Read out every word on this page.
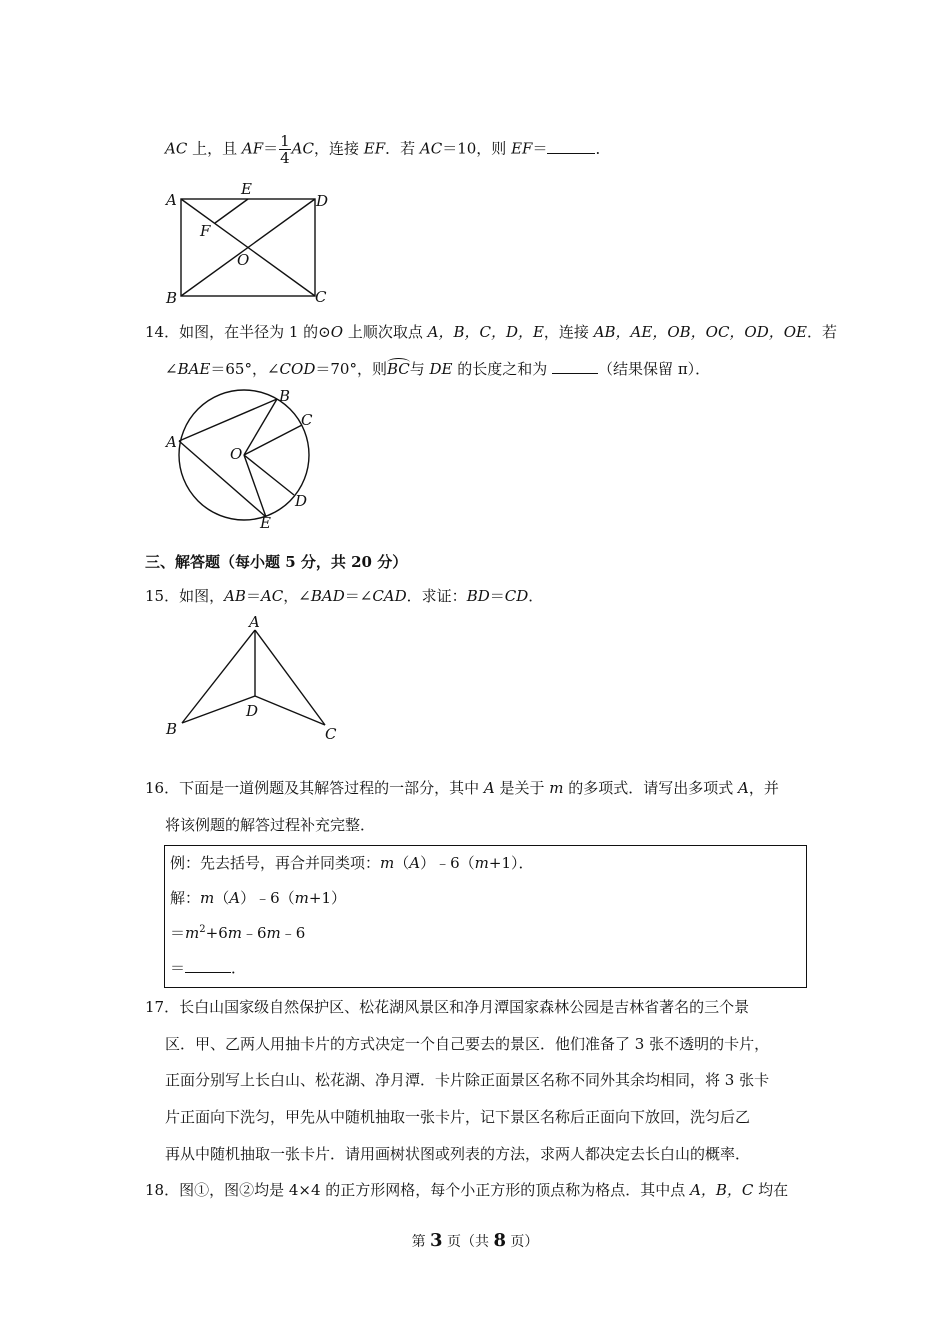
AC 上，且 $AF= \frac{1}{4}$ AC，连接 EF．若 AC＝10，则 EF＝	．
A
E
D
F
O
B	C
14．如图，在半径为 1 的⊙O 上顺次取点 A，B，C，D，E，连接 AB，AE，OB，OC，OD，OE．若
∠BAE＝65°，∠COD＝70°，则BC与 DE 的长度之和为	（结果保留 π）．
A
B
C
O
D
E
三、解答题（每小题 5 分，共 20 分）
15．如图，AB＝AC，∠BAD＝∠CAD．求证：BD＝CD．
A
D
B	C
16．下面是一道例题及其解答过程的一部分，其中 A 是关于 m 的多项式．请写出多项式 A，并
将该例题的解答过程补充完整．
例：先去括号，再合并同类项：m（A）﹣6（m+1）．
解：m（A）﹣6（m+1）
$=m^2+6m﹣6m﹣6$
＝	．
17．长白山国家级自然保护区、松花湖风景区和净月潭国家森林公园是吉林省著名的三个景
区．甲、乙两人用抽卡片的方式决定一个自己要去的景区．他们准备了 3 张不透明的卡片，
正面分别写上长白山、松花湖、净月潭．卡片除正面景区名称不同外其余均相同，将 3 张卡
片正面向下洗匀，甲先从中随机抽取一张卡片，记下景区名称后正面向下放回，洗匀后乙
再从中随机抽取一张卡片．请用画树状图或列表的方法，求两人都决定去长白山的概率．
18．图①，图②均是 4×4 的正方形网格，每个小正方形的顶点称为格点．其中点 A，B，C 均在
第 3 页（共 8 页）
